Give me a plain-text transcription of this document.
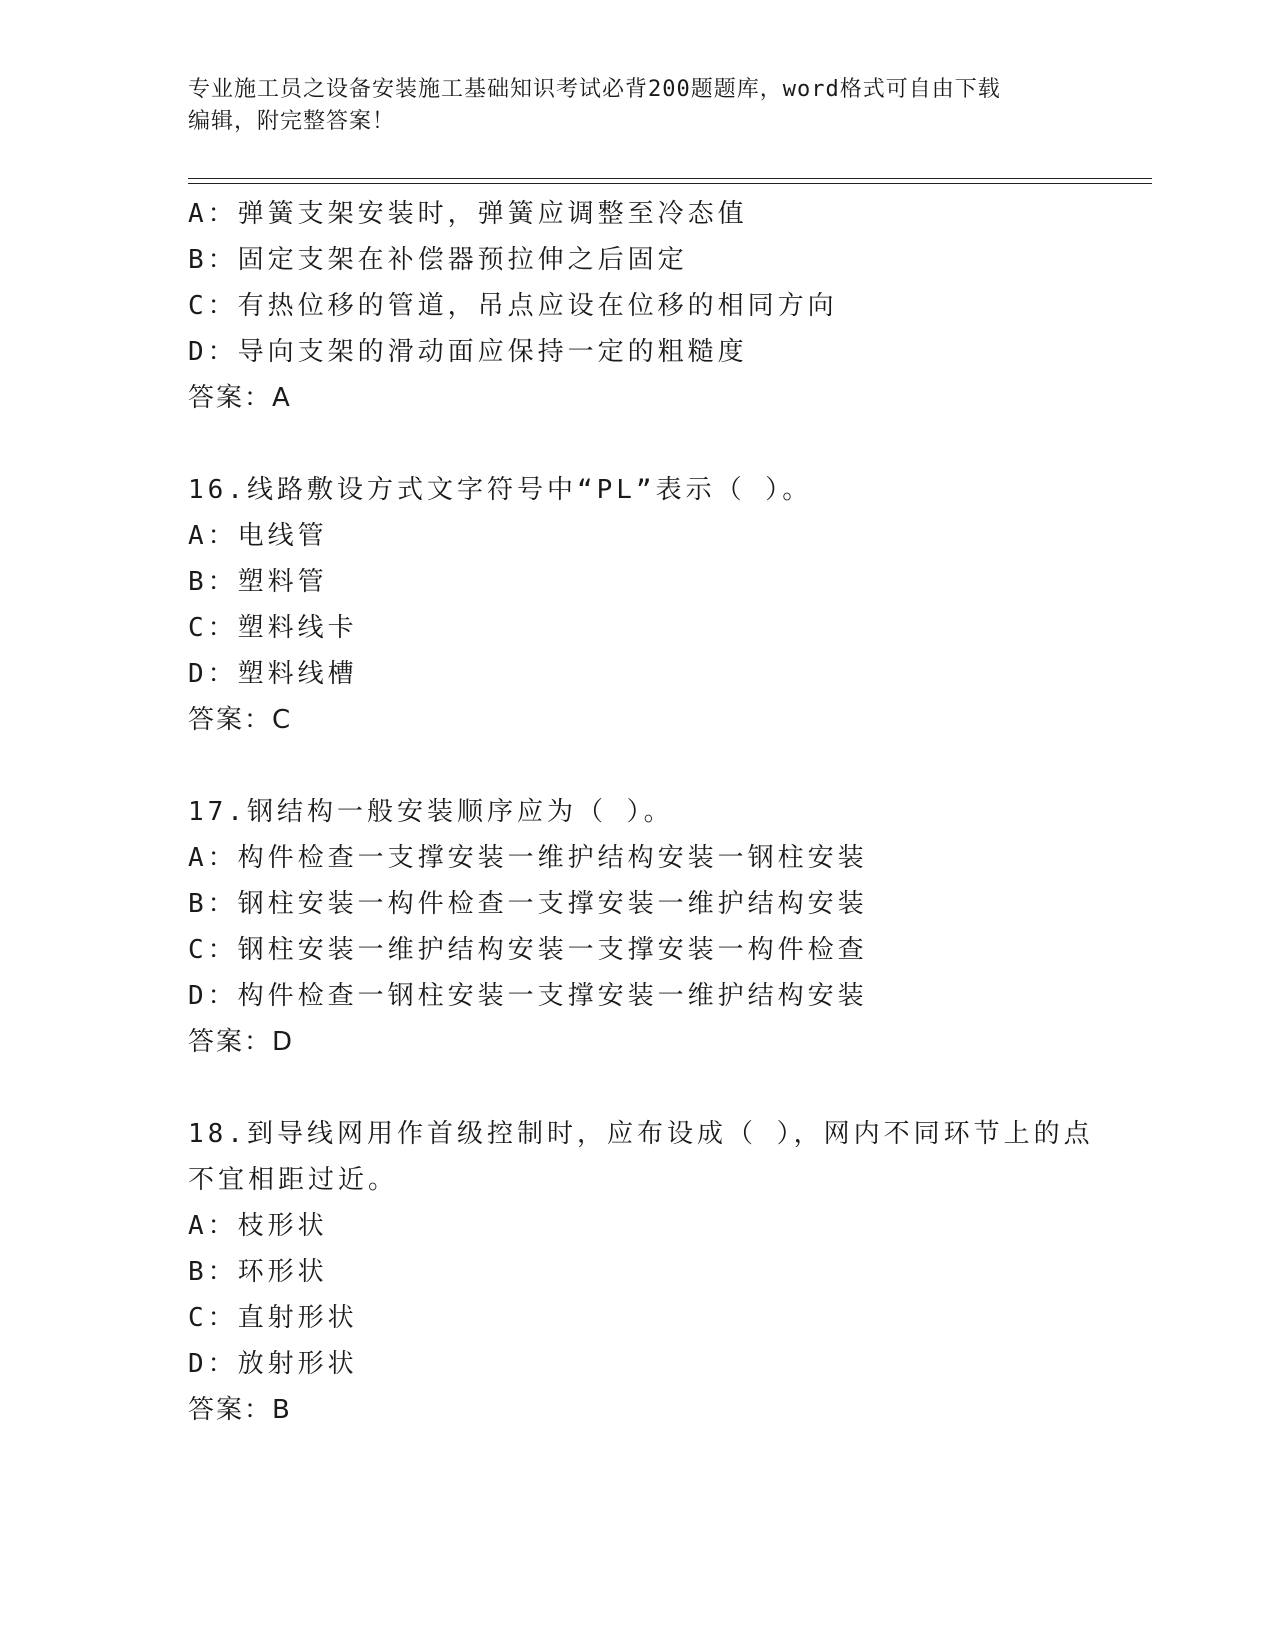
专业施工员之设备安装施工基础知识考试必背200题题库，word格式可自由下载
编辑，附完整答案！
A：弹簧支架安装时，弹簧应调整至冷态值
B：固定支架在补偿器预拉伸之后固定
C：有热位移的管道，吊点应设在位移的相同方向
D：导向支架的滑动面应保持一定的粗糙度
答案：A
16.线路敷设方式文字符号中“PL”表示（ ）。
A：电线管
B：塑料管
C：塑料线卡
D：塑料线槽
答案：C
17.钢结构一般安装顺序应为（ ）。
A：构件检查一支撑安装一维护结构安装一钢柱安装
B：钢柱安装一构件检查一支撑安装一维护结构安装
C：钢柱安装一维护结构安装一支撑安装一构件检查
D：构件检查一钢柱安装一支撑安装一维护结构安装
答案：D
18.到导线网用作首级控制时，应布设成（ ），网内不同环节上的点
不宜相距过近。
A：枝形状
B：环形状
C：直射形状
D：放射形状
答案：B
